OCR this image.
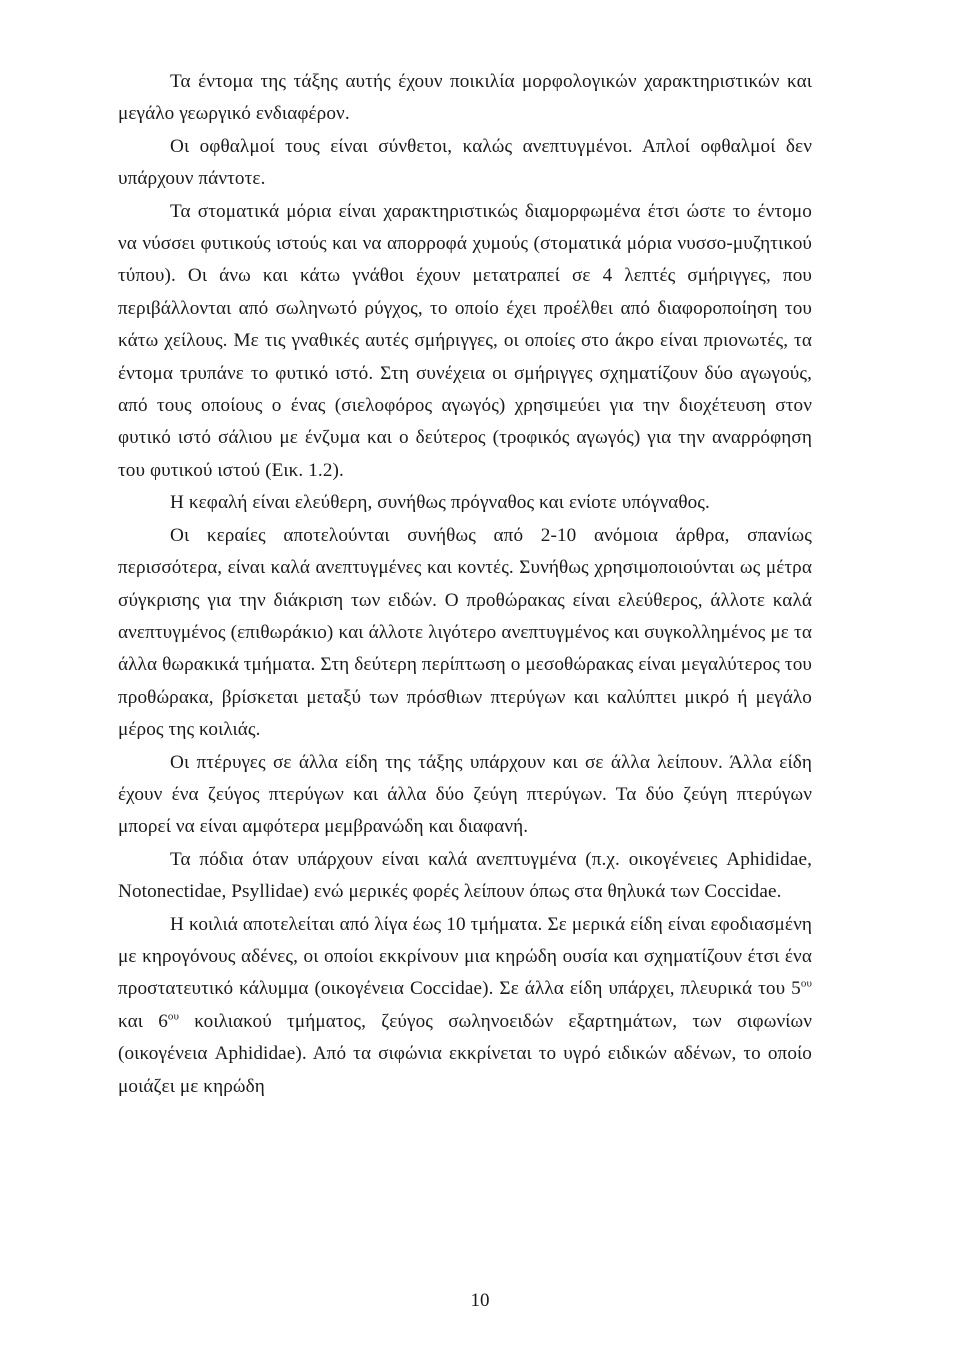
Τα έντομα της τάξης αυτής έχουν ποικιλία μορφολογικών χαρακτηριστικών και μεγάλο γεωργικό ενδιαφέρον.

Οι οφθαλμοί τους είναι σύνθετοι, καλώς ανεπτυγμένοι. Απλοί οφθαλμοί δεν υπάρχουν πάντοτε.

Τα στοματικά μόρια είναι χαρακτηριστικώς διαμορφωμένα έτσι ώστε το έντομο να νύσσει φυτικούς ιστούς και να απορροφά χυμούς (στοματικά μόρια νυσσο-μυζητικού τύπου). Οι άνω και κάτω γνάθοι έχουν μετατραπεί σε 4 λεπτές σμήριγγες, που περιβάλλονται από σωληνωτό ρύγχος, το οποίο έχει προέλθει από διαφοροποίηση του κάτω χείλους. Με τις γναθικές αυτές σμήριγγες, οι οποίες στο άκρο είναι πριονωτές, τα έντομα τρυπάνε το φυτικό ιστό. Στη συνέχεια οι σμήριγγες σχηματίζουν δύο αγωγούς, από τους οποίους ο ένας (σιελοφόρος αγωγός) χρησιμεύει για την διοχέτευση στον φυτικό ιστό σάλιου με ένζυμα και ο δεύτερος (τροφικός αγωγός) για την αναρρόφηση του φυτικού ιστού (Εικ. 1.2).

Η κεφαλή είναι ελεύθερη, συνήθως πρόγναθος και ενίοτε υπόγναθος.

Οι κεραίες αποτελούνται συνήθως από 2-10 ανόμοια άρθρα, σπανίως περισσότερα, είναι καλά ανεπτυγμένες και κοντές. Συνήθως χρησιμοποιούνται ως μέτρα σύγκρισης για την διάκριση των ειδών. Ο προθώρακας είναι ελεύθερος, άλλοτε καλά ανεπτυγμένος (επιθωράκιο) και άλλοτε λιγότερο ανεπτυγμένος και συγκολλημένος με τα άλλα θωρακικά τμήματα. Στη δεύτερη περίπτωση ο μεσοθώρακας είναι μεγαλύτερος του προθώρακα, βρίσκεται μεταξύ των πρόσθιων πτερύγων και καλύπτει μικρό ή μεγάλο μέρος της κοιλιάς.

Οι πτέρυγες σε άλλα είδη της τάξης υπάρχουν και σε άλλα λείπουν. Άλλα είδη έχουν ένα ζεύγος πτερύγων και άλλα δύο ζεύγη πτερύγων. Τα δύο ζεύγη πτερύγων μπορεί να είναι αμφότερα μεμβρανώδη και διαφανή.

Τα πόδια όταν υπάρχουν είναι καλά ανεπτυγμένα (π.χ. οικογένειες Aphididae, Notonectidae, Psyllidae) ενώ μερικές φορές λείπουν όπως στα θηλυκά των Coccidae.

Η κοιλιά αποτελείται από λίγα έως 10 τμήματα. Σε μερικά είδη είναι εφοδιασμένη με κηρογόνους αδένες, οι οποίοι εκκρίνουν μια κηρώδη ουσία και σχηματίζουν έτσι ένα προστατευτικό κάλυμμα (οικογένεια Coccidae). Σε άλλα είδη υπάρχει, πλευρικά του $5^{o\upsilon}$ και $6^{o\upsilon}$ κοιλιακού τμήματος, ζεύγος σωληνοειδών εξαρτημάτων, των σιφωνίων (οικογένεια Aphididae). Από τα σιφώνια εκκρίνεται το υγρό ειδικών αδένων, το οποίο μοιάζει με κηρώδη

10
